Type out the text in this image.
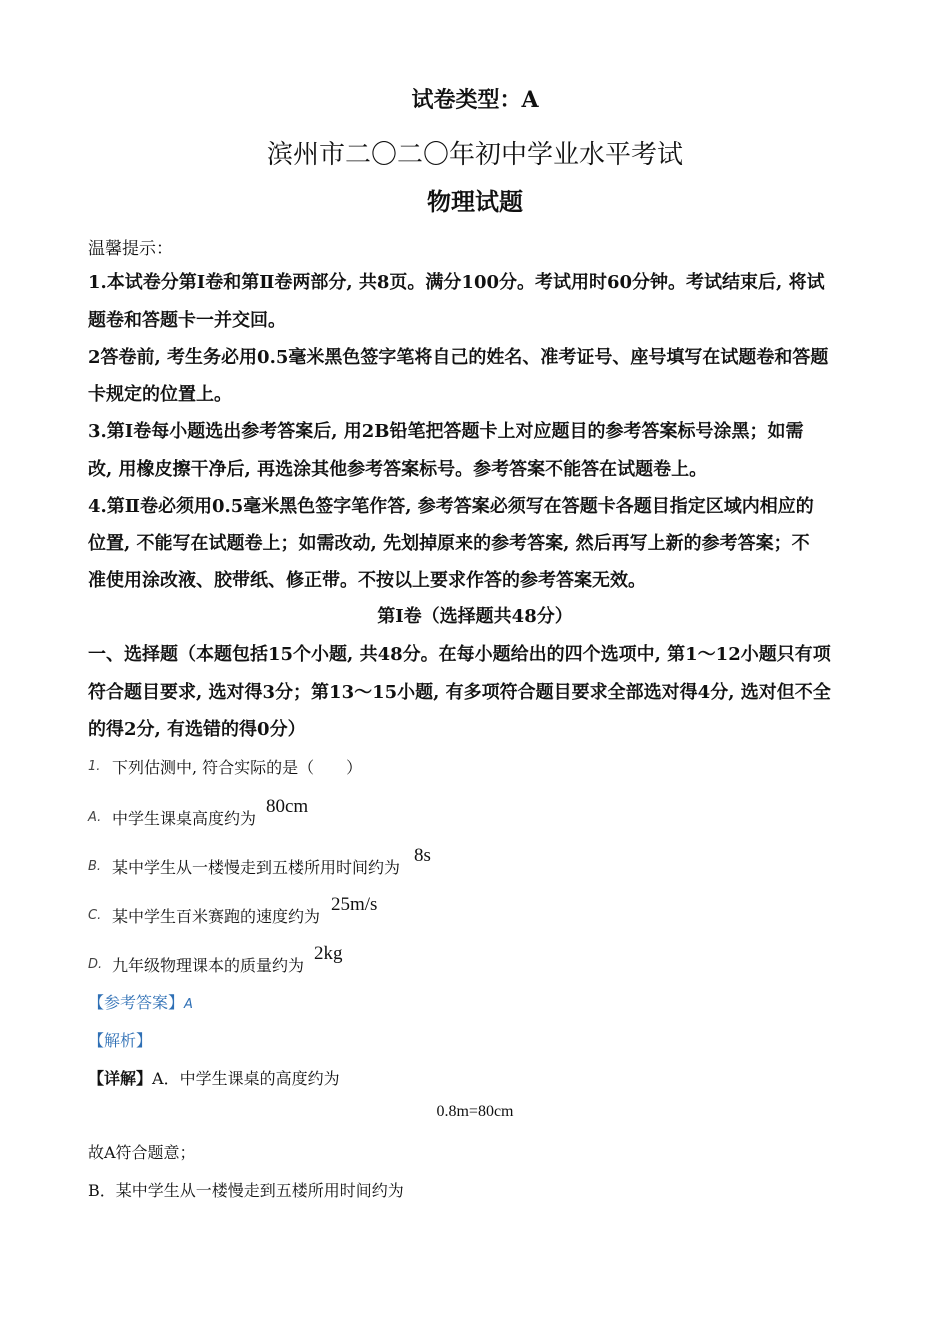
试卷类型：A
滨州市二〇二〇年初中学业水平考试
物理试题
温馨提示：
1.本试卷分第Ⅰ卷和第Ⅱ卷两部分, 共8页。满分100分。考试用时60分钟。考试结束后, 将试
题卷和答题卡一并交回。
2答卷前, 考生务必用0.5毫米黑色签字笔将自己的姓名、准考证号、座号填写在试题卷和答题
卡规定的位置上。
3.第Ⅰ卷每小题选出参考答案后, 用2B铅笔把答题卡上对应题目的参考答案标号涂黑；如需
改, 用橡皮擦干净后, 再选涂其他参考答案标号。参考答案不能答在试题卷上。
4.第Ⅱ卷必须用0.5毫米黑色签字笔作答, 参考答案必须写在答题卡各题目指定区域内相应的
位置, 不能写在试题卷上；如需改动, 先划掉原来的参考答案, 然后再写上新的参考答案；不
准使用涂改液、胶带纸、修正带。不按以上要求作答的参考答案无效。
第Ⅰ卷（选择题共48分）
一、选择题（本题包括15个小题, 共48分。在每小题给出的四个选项中, 第1～12小题只有项
符合题目要求, 选对得3分；第13～15小题, 有多项符合题目要求全部选对得4分, 选对但不全
的得2分, 有选错的得0分）
1. 下列估测中, 符合实际的是（　　）
A. 中学生课桌高度约为
80cm
B. 某中学生从一楼慢走到五楼所用时间约为
8s
C. 某中学生百米赛跑的速度约为
25m/s
D. 九年级物理课本的质量约为
2kg
【参考答案】A
【解析】
【详解】A．中学生课桌的高度约为
0.8m=80cm
故A符合题意；
B．某中学生从一楼慢走到五楼所用时间约为
